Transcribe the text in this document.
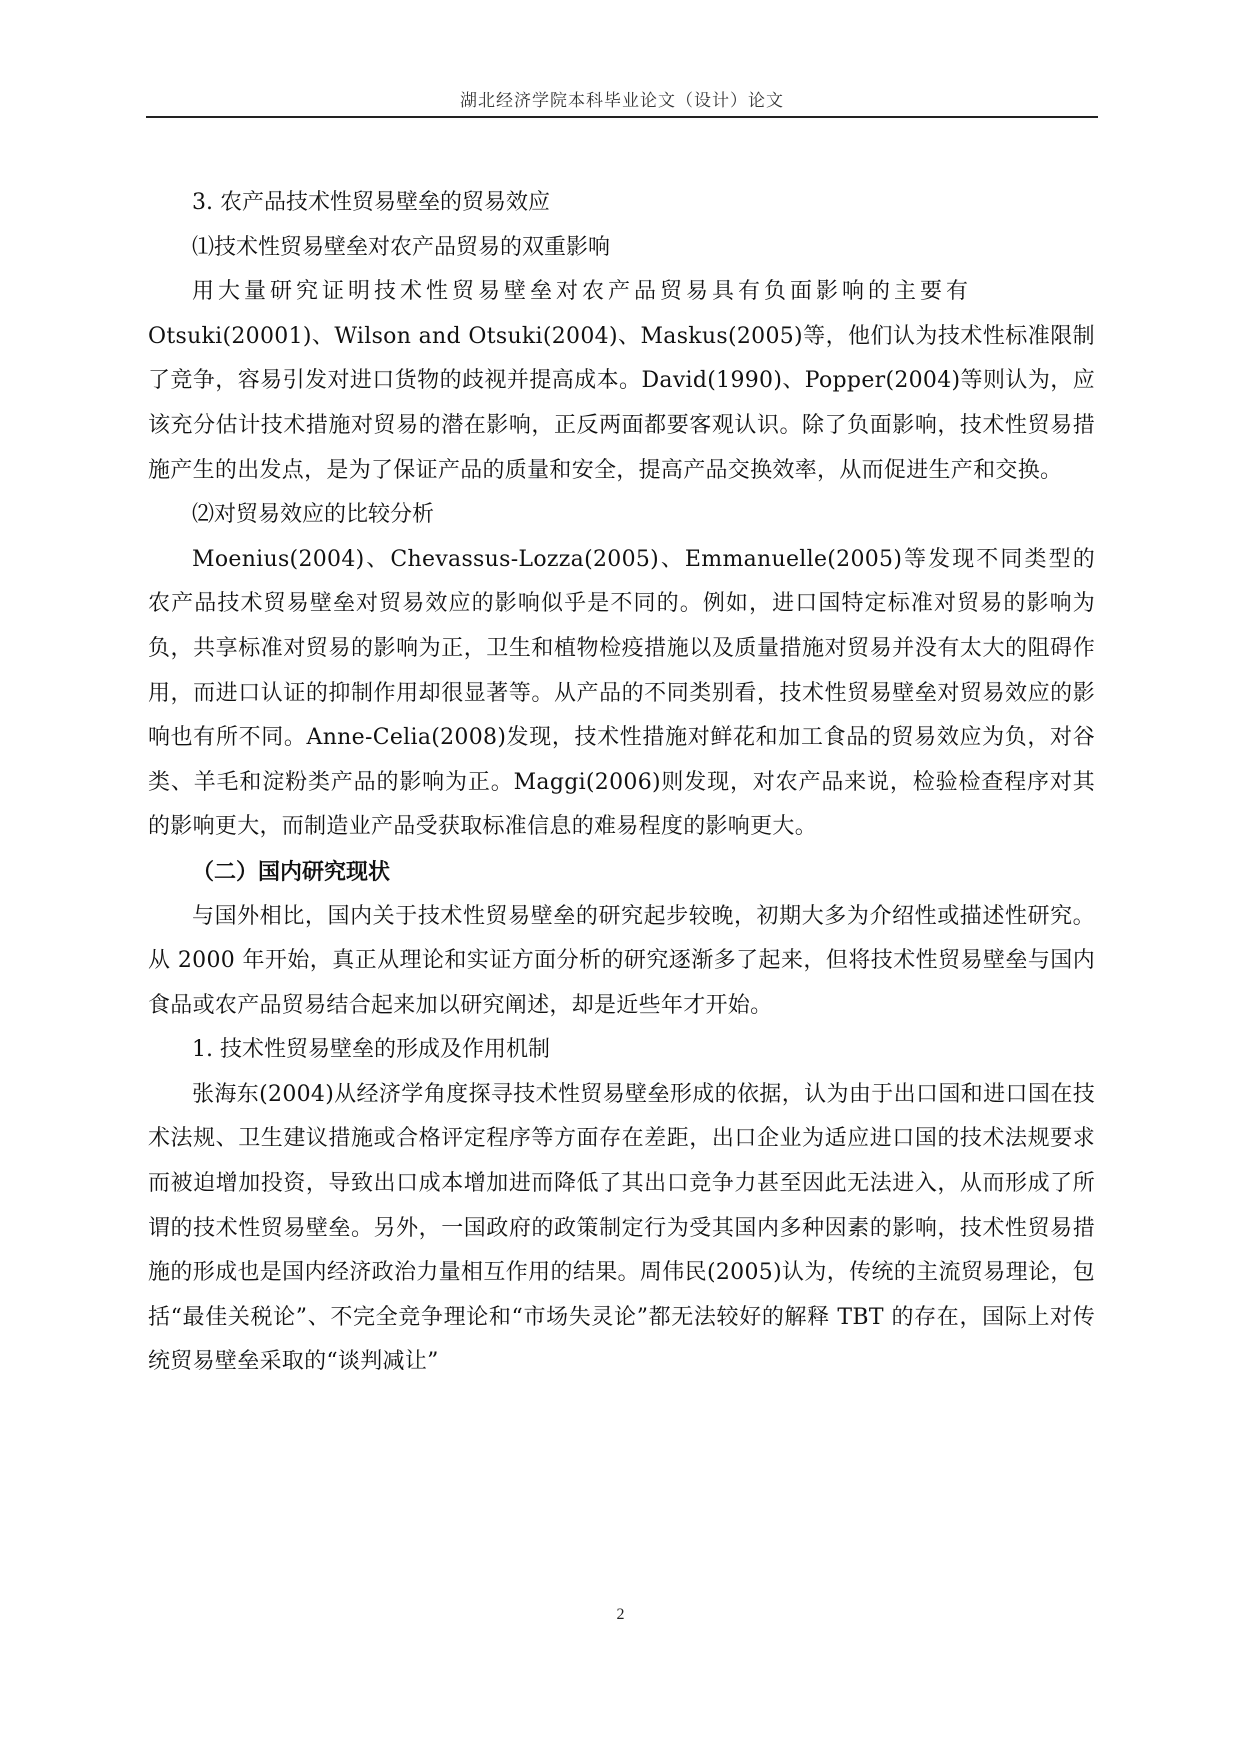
湖北经济学院本科毕业论文（设计）论文
3. 农产品技术性贸易壁垒的贸易效应
⑴技术性贸易壁垒对农产品贸易的双重影响

用大量研究证明技术性贸易壁垒对农产品贸易具有负面影响的主要有

Otsuki(20001)、Wilson and Otsuki(2004)、Maskus(2005)等，他们认为技术性标准限制了竞争，容易引发对进口货物的歧视并提高成本。David(1990)、Popper(2004)等则认为，应该充分估计技术措施对贸易的潜在影响，正反两面都要客观认识。除了负面影响，技术性贸易措施产生的出发点，是为了保证产品的质量和安全，提高产品交换效率，从而促进生产和交换。

⑵对贸易效应的比较分析

Moenius(2004)、Chevassus-Lozza(2005)、Emmanuelle(2005)等发现不同类型的农产品技术贸易壁垒对贸易效应的影响似乎是不同的。例如，进口国特定标准对贸易的影响为负，共享标准对贸易的影响为正，卫生和植物检疫措施以及质量措施对贸易并没有太大的阻碍作用，而进口认证的抑制作用却很显著等。从产品的不同类别看，技术性贸易壁垒对贸易效应的影响也有所不同。Anne-Celia(2008)发现，技术性措施对鲜花和加工食品的贸易效应为负，对谷类、羊毛和淀粉类产品的影响为正。Maggi(2006)则发现，对农产品来说，检验检查程序对其的影响更大，而制造业产品受获取标准信息的难易程度的影响更大。

（二）国内研究现状

与国外相比，国内关于技术性贸易壁垒的研究起步较晚，初期大多为介绍性或描述性研究。从 2000 年开始，真正从理论和实证方面分析的研究逐渐多了起来，但将技术性贸易壁垒与国内食品或农产品贸易结合起来加以研究阐述，却是近些年才开始。

1. 技术性贸易壁垒的形成及作用机制

张海东(2004)从经济学角度探寻技术性贸易壁垒形成的依据，认为由于出口国和进口国在技术法规、卫生建议措施或合格评定程序等方面存在差距，出口企业为适应进口国的技术法规要求而被迫增加投资，导致出口成本增加进而降低了其出口竞争力甚至因此无法进入，从而形成了所谓的技术性贸易壁垒。另外，一国政府的政策制定行为受其国内多种因素的影响，技术性贸易措施的形成也是国内经济政治力量相互作用的结果。周伟民(2005)认为，传统的主流贸易理论，包括“最佳关税论”、不完全竞争理论和“市场失灵论”都无法较好的解释 TBT 的存在，国际上对传统贸易壁垒采取的“谈判减让”

2
